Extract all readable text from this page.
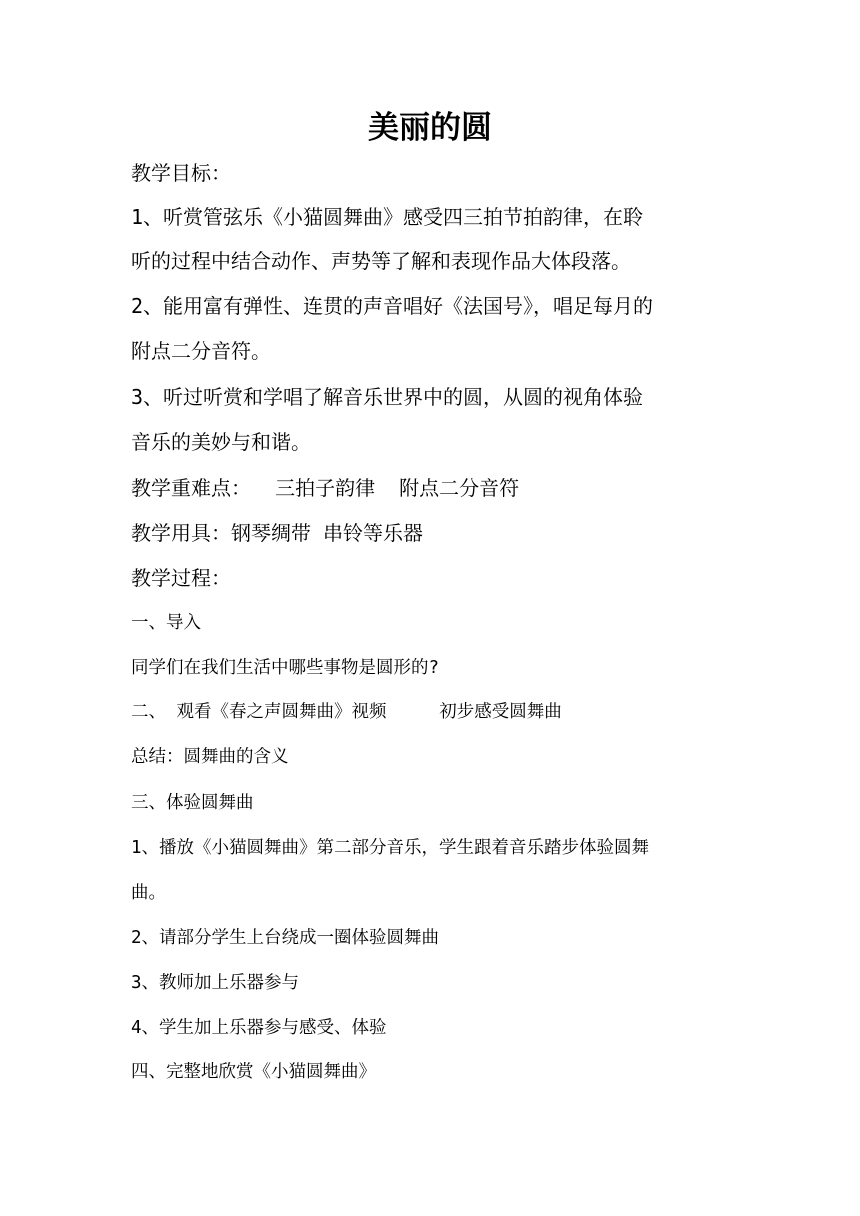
美丽的圆
教学目标：
1、听赏管弦乐《小猫圆舞曲》感受四三拍节拍韵律，在聆
听的过程中结合动作、声势等了解和表现作品大体段落。
2、能用富有弹性、连贯的声音唱好《法国号》，唱足每月的
附点二分音符。
3、听过听赏和学唱了解音乐世界中的圆，从圆的视角体验
音乐的美妙与和谐。
教学重难点：  三拍子韵律  附点二分音符
教学用具：钢琴绸带 串铃等乐器
教学过程：
一、导入
同学们在我们生活中哪些事物是圆形的?
二、 观看《春之声圆舞曲》视频     初步感受圆舞曲
总结：圆舞曲的含义
三、体验圆舞曲
1、播放《小猫圆舞曲》第二部分音乐，学生跟着音乐踏步体验圆舞
曲。
2、请部分学生上台绕成一圈体验圆舞曲
3、教师加上乐器参与
4、学生加上乐器参与感受、体验
四、完整地欣赏《小猫圆舞曲》
